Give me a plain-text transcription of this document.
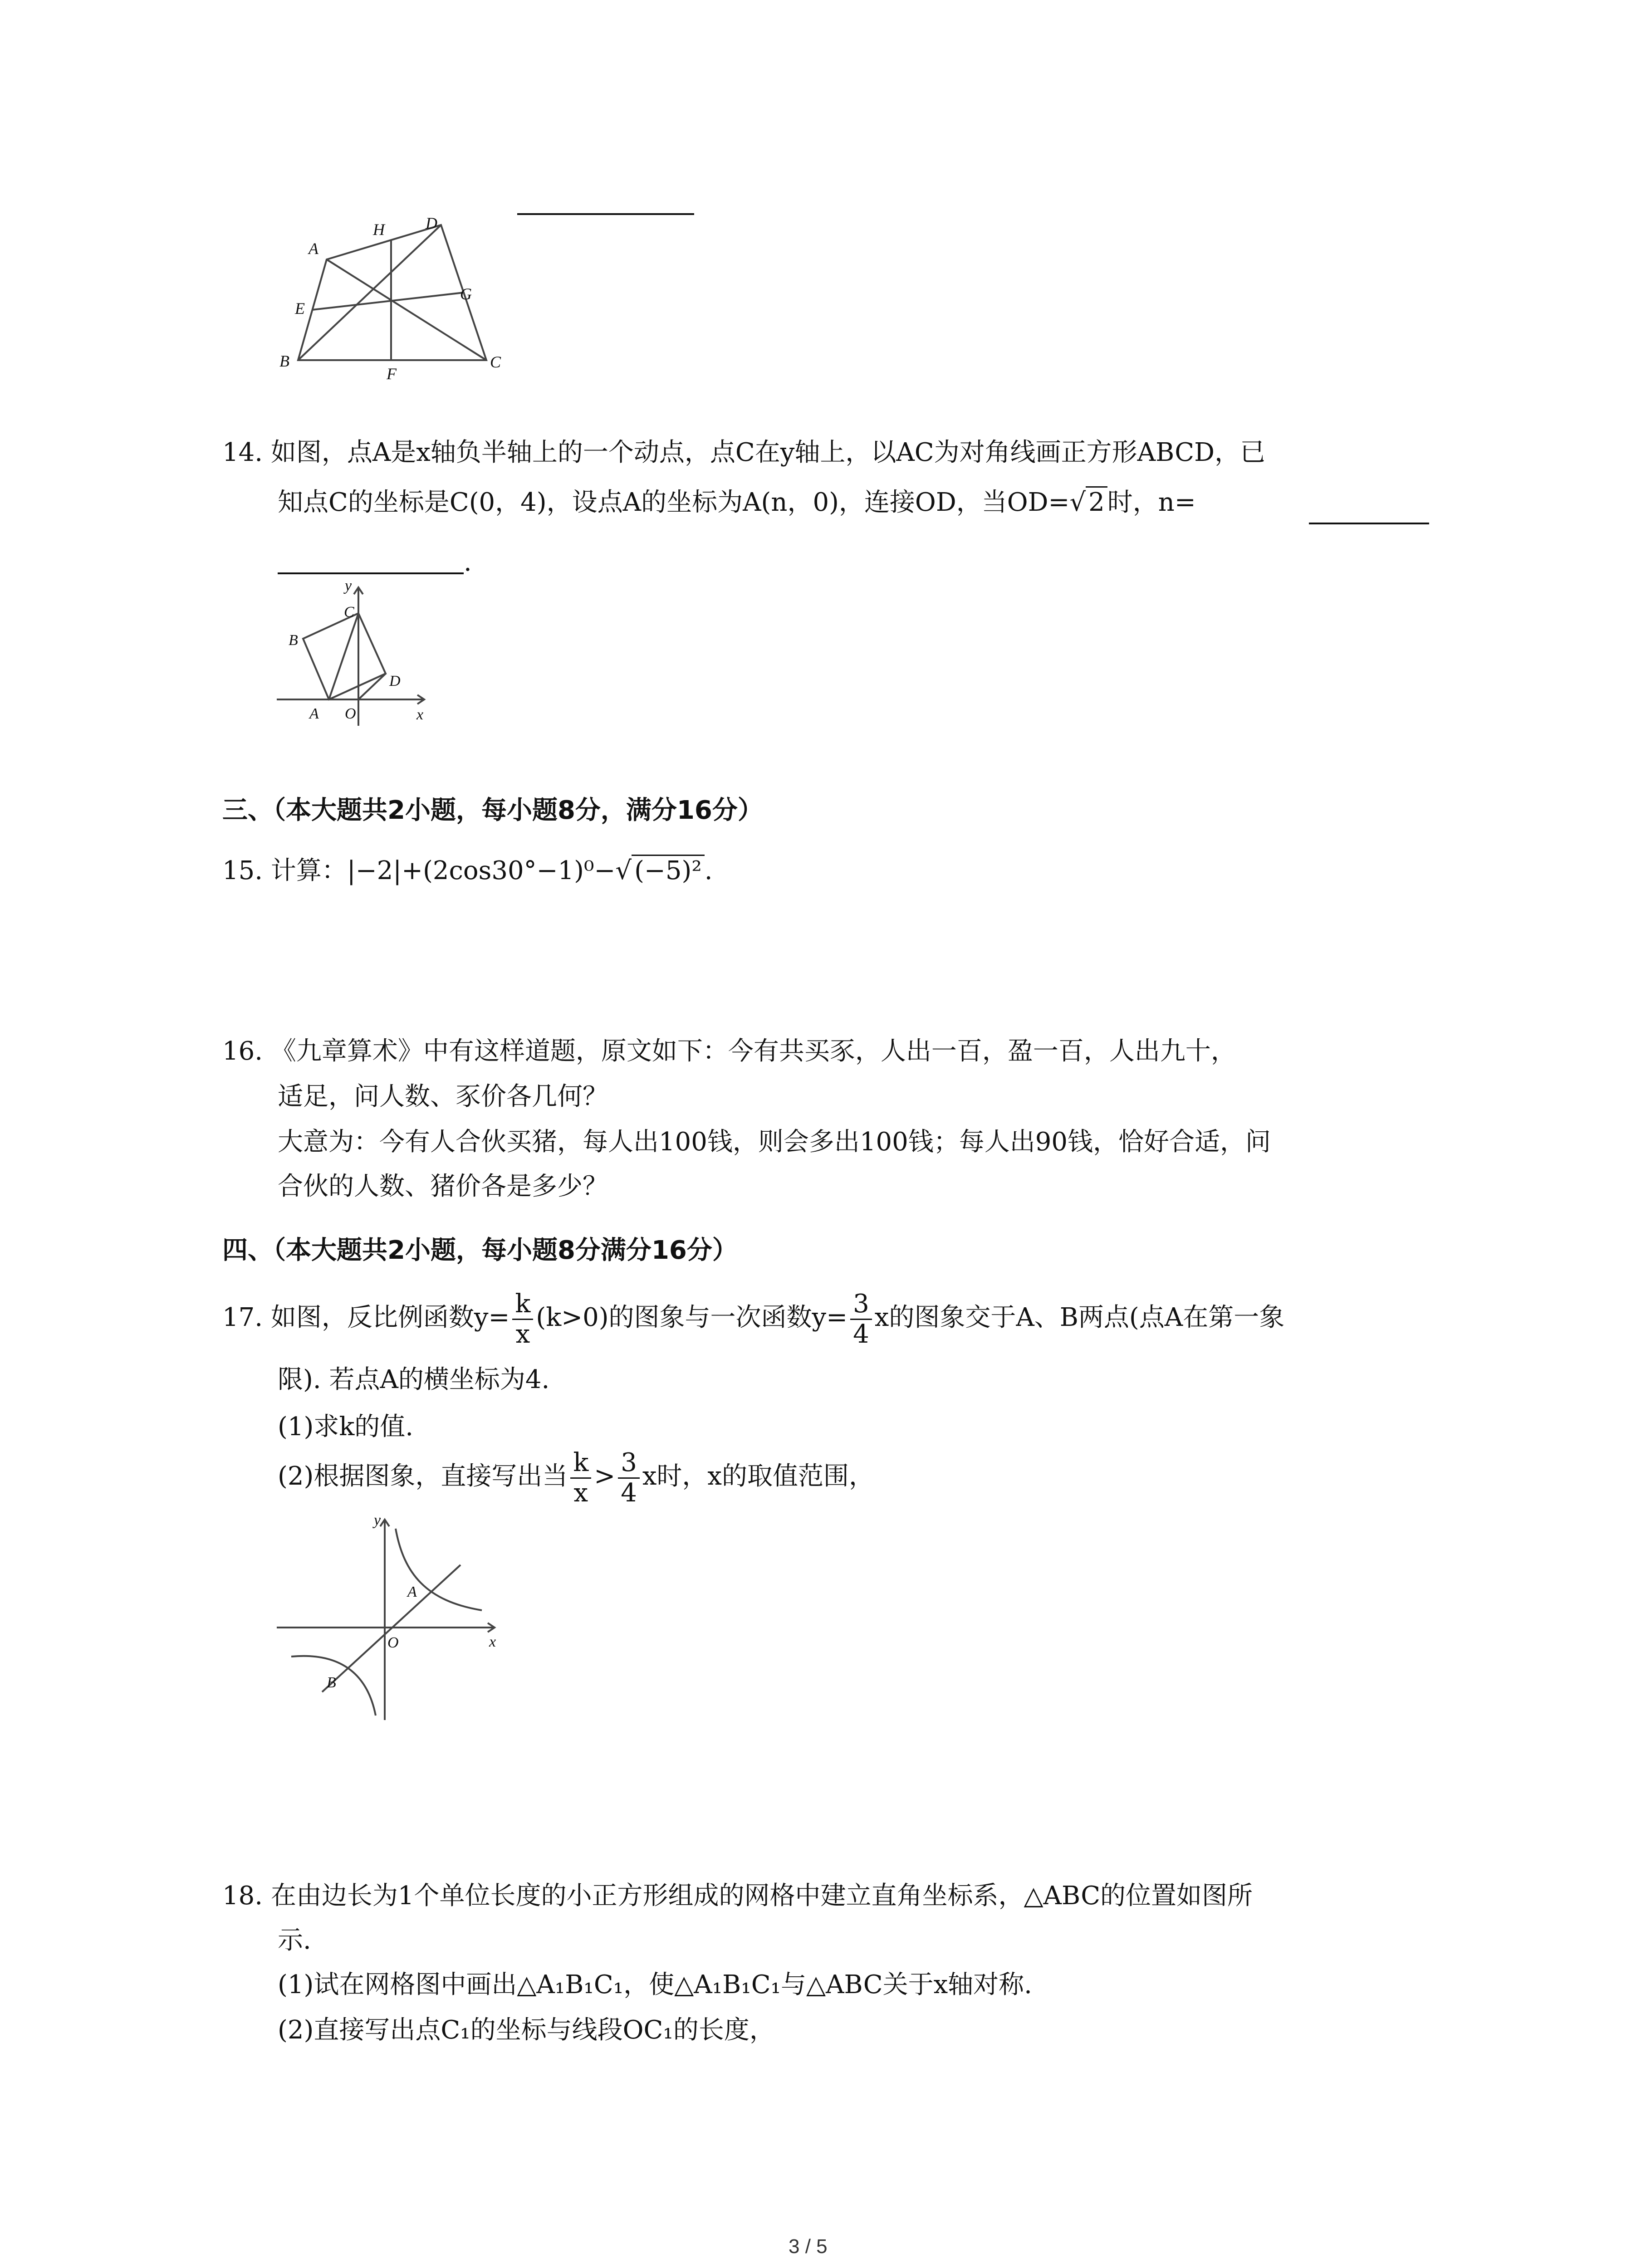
A
H	D
E
G
B
F
C
14. 如图，点A是x轴负半轴上的一个动点，点C在y轴上，以AC为对角线画正方形ABCD，已
知点C的坐标是C(0，4)，设点A的坐标为A(n，0)，连接OD，当OD=√ 2 时，n=
.
y
C
B
D
A O	x
三、（本大题共2小题，每小题8分，满分16分）
15. 计算：|−2|+(2cos30°−1)⁰−√ (−5)² .
16. 《九章算术》中有这样道题，原文如下：今有共买豕，人出一百，盈一百，人出九十，
适足，问人数、豕价各几何？
大意为：今有人合伙买猪，每人出100钱，则会多出100钱；每人出90钱，恰好合适，问
合伙的人数、猪价各是多少？
四、（本大题共2小题，每小题8分满分16分）
17. 如图，反比例函数$y= \frac{k}{x} (k>0)$的图象与一次函数$y= \frac{3}{4}$ x的图象交于A、B两点(点A在第一象
限). 若点A的横坐标为4.
(1)求k的值.
(2)根据图象，直接写出当 $\frac{k}{x} > \frac{3}{4}$ x时，x的取值范围，
y
A
O	x
B
18. 在由边长为1个单位长度的小正方形组成的网格中建立直角坐标系，△ABC的位置如图所
示.
(1)试在网格图中画出△A₁B₁C₁，使△A₁B₁C₁与△ABC关于x轴对称.
(2)直接写出点C₁的坐标与线段OC₁的长度，
3 / 5
